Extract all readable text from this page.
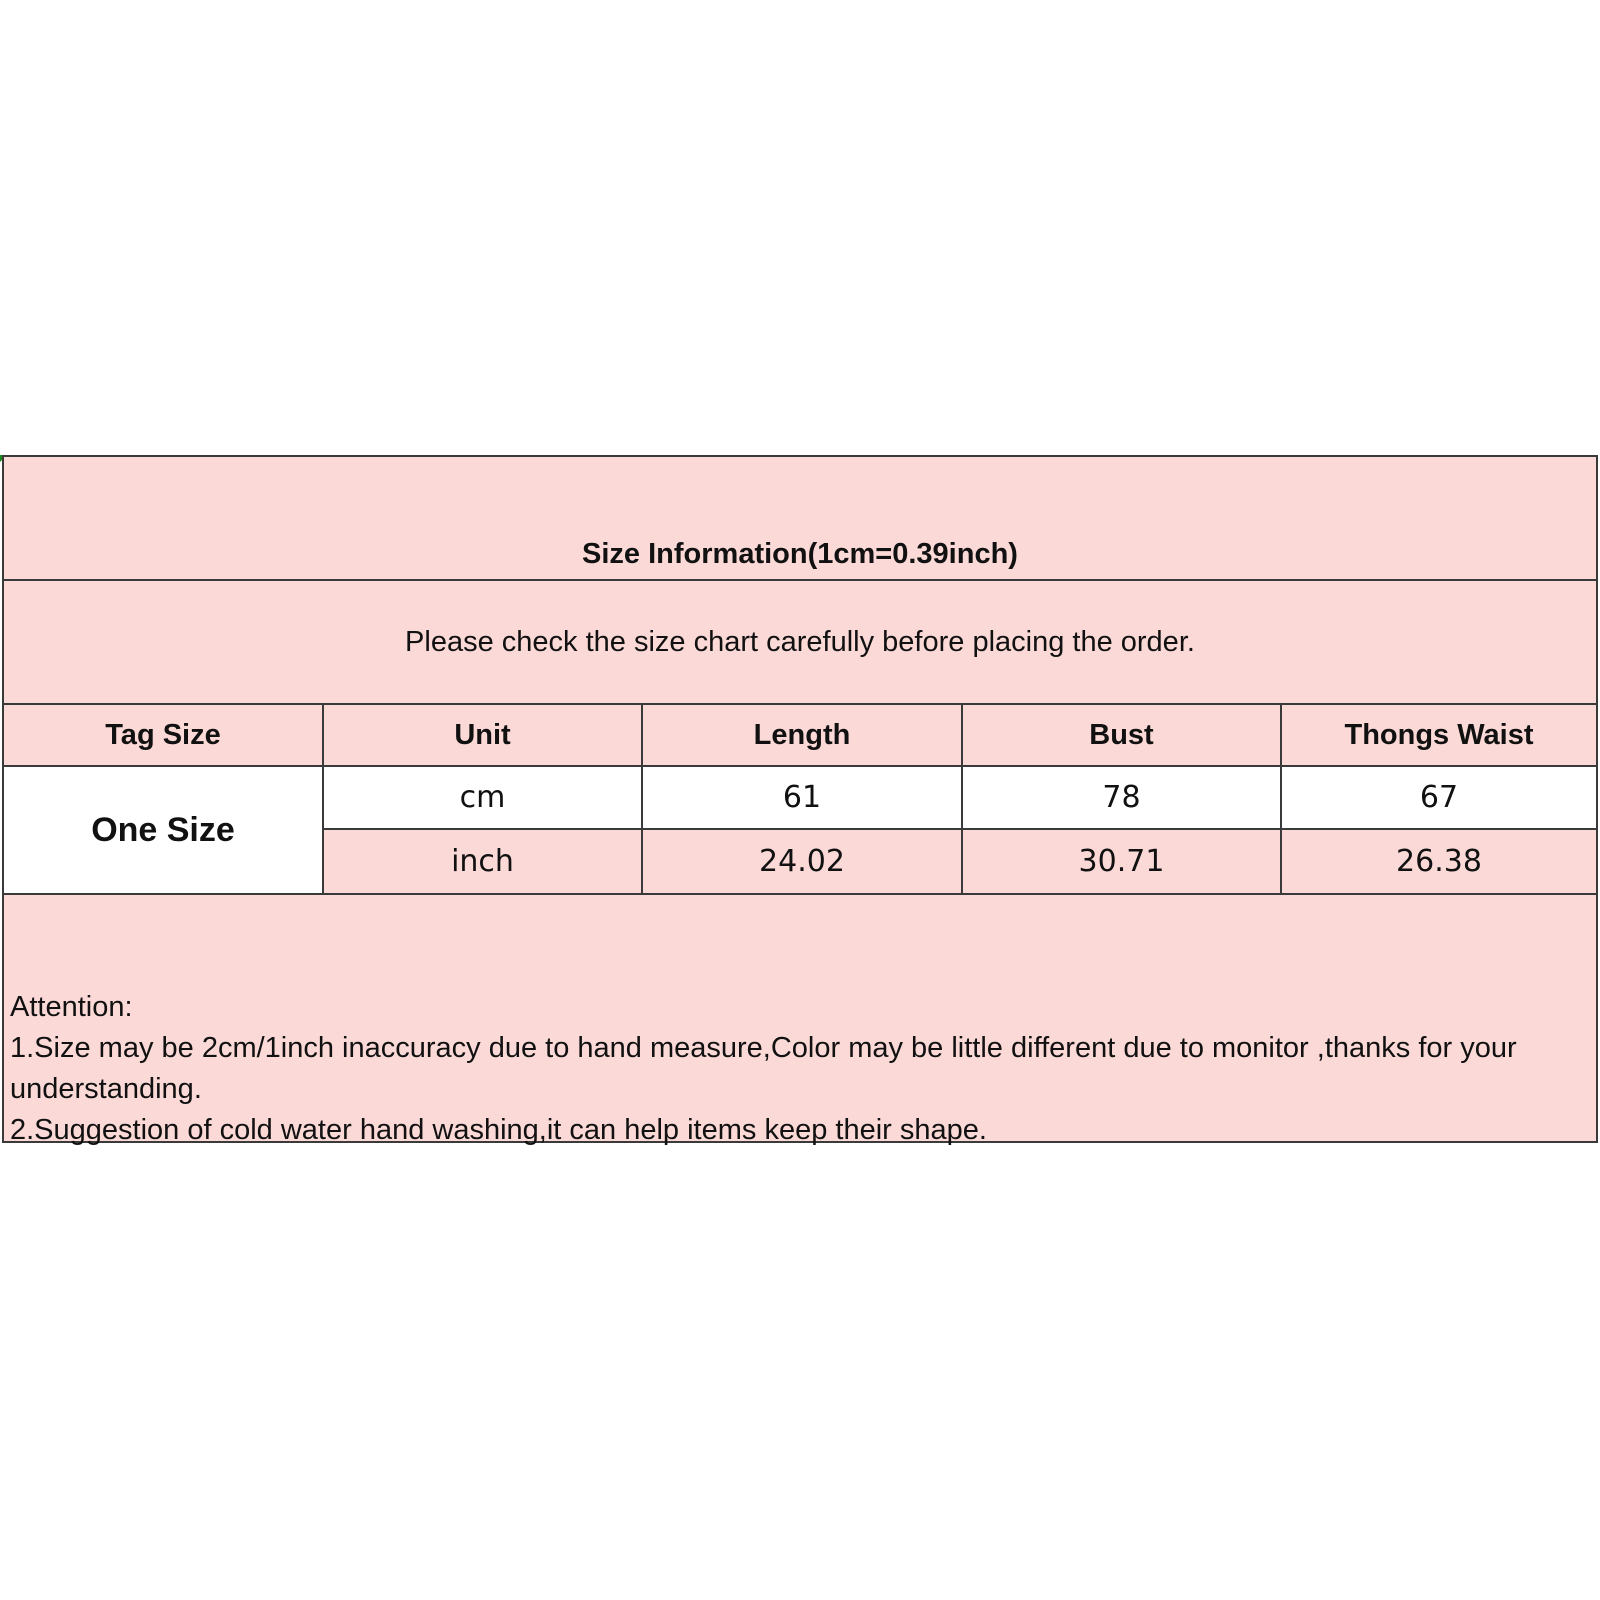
Size Information(1cm=0.39inch)
Please check the size chart carefully before placing the order.
Tag Size	Unit	Length	Bust	Thongs Waist
One Size
cm	61	78	67
inch	24.02	30.71	26.38
Attention:
1.Size may be 2cm/1inch inaccuracy due to hand measure,Color may be little different due to monitor ,thanks for your understanding.
2.Suggestion of cold water hand washing,it can help items keep their shape.
